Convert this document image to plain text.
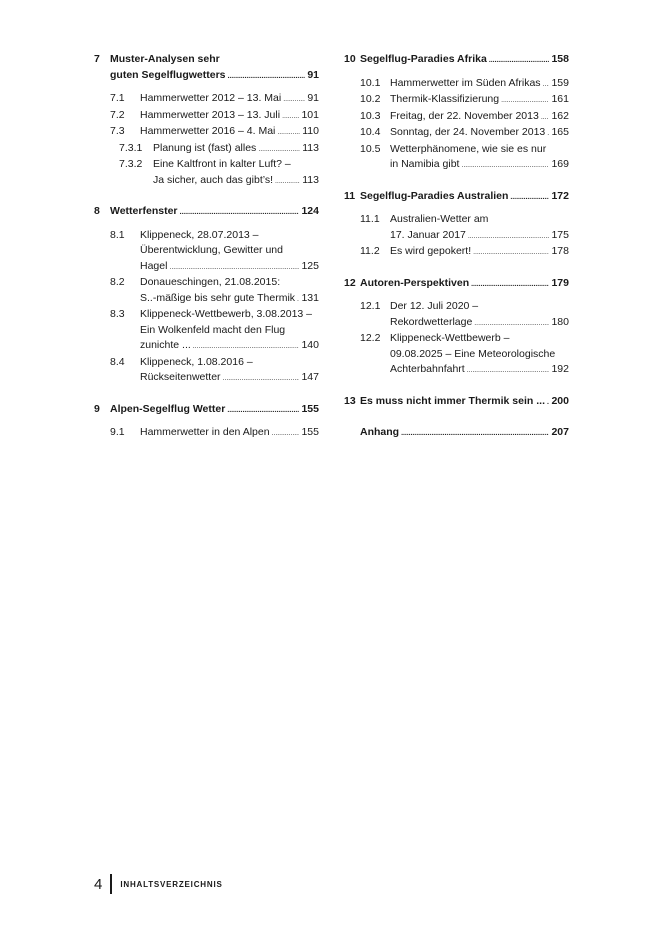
7 Muster-Analysen sehr
guten Segelflugwetters . . .	91
7.1	Hammerwetter 2012 – 13. Mai . . . 91
7.2	Hammerwetter 2013 – 13. Juli . . . 101
7.3	Hammerwetter 2016 – 4. Mai . . .	110
7.3.1	Planung ist (fast) alles . . .	113
7.3.2	Eine Kaltfront in kalter Luft? –
Ja sicher, auch das gibt’s! . . .	113
8 Wetterfenster . . .	124
8.1	Klippeneck, 28.07.2013 –
Überentwicklung, Gewitter und
Hagel . . .	125
8.2	Donaueschingen, 21.08.2015:
S..-mäßige bis sehr gute Thermik . . . 131
8.3	Klippeneck-Wettbewerb, 3.08.2013 –
Ein Wolkenfeld macht den Flug
zunichte ... . . .	140
8.4	Klippeneck, 1.08.2016 –
Rückseitenwetter . . .	147
9 Alpen-Segelflug Wetter . . .	155
9.1	Hammerwetter in den Alpen . . .	155
10 Segelflug-Paradies Afrika . . .	158
10.1 Hammerwetter im Süden Afrikas . . . 159
10.2 Thermik-Klassifizierung . . .	161
10.3 Freitag, der 22. November 2013 . . . 162
10.4 Sonntag, der 24. November 2013 . . . 165
10.5 Wetterphänomene, wie sie es nur
in Namibia gibt . . .	169
11 Segelflug-Paradies Australien . . .	172
11.1 Australien-Wetter am
17. Januar 2017 . . .	175
11.2 Es wird gepokert! . . .	178
12 Autoren-Perspektiven . . .	179
12.1 Der 12. Juli 2020 –
Rekordwetterlage . . .	180
12.2 Klippeneck-Wettbewerb –
09.08.2025 – Eine Meteorologische
Achterbahnfahrt . . .	192
13 Es muss nicht immer Thermik sein ... . . . 200
Anhang . . .	207
4 INHALTSVERZEICHNIS
